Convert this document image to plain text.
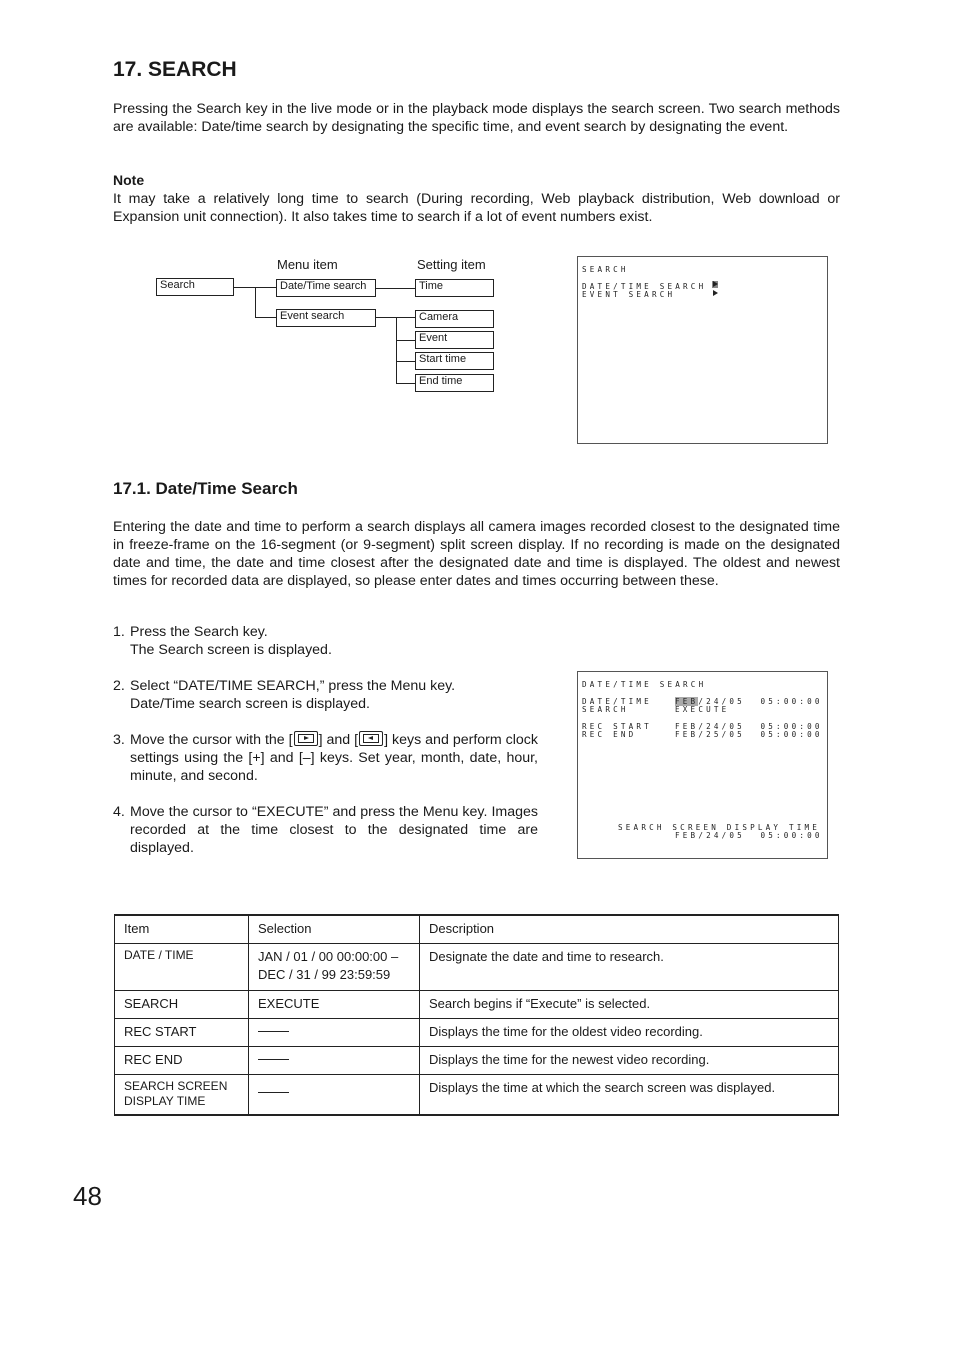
17. SEARCH

Pressing the Search key in the live mode or in the playback mode displays the search screen. Two search methods are available: Date/time search by designating the specific time, and event search by designating the event.

Note

It may take a relatively long time to search (During recording, Web playback distribution, Web download or Expansion unit connection). It also takes time to search if a lot of event numbers exist.

Menu item	Setting item
Search	Date/Time search
Event search
Time
Camera
Event
Start time
End time
SEARCH
DATE/TIME SEARCH
EVENT SEARCH
17.1. Date/Time Search

Entering the date and time to perform a search displays all camera images recorded closest to the designated time in freeze-frame on the 16-segment (or 9-segment) split screen display. If no recording is made on the designated date and time, the date and time closest after the designated date and time is displayed. The oldest and newest times for recorded data are displayed, so please enter dates and times occurring between these.

1. Press the Search key.
The Search screen is displayed.
2. Select “DATE/TIME SEARCH,” press the Menu key.
Date/Time search screen is displayed.
3. Move the cursor with the [ ] and [ ] keys and perform clock settings using the [+] and [–] keys. Set year, month, date, hour, minute, and second.
4. Move the cursor to “EXECUTE” and press the Menu key. Images recorded at the time closest to the designated time are displayed.
DATE/TIME SEARCH
DATE/TIME	FEB/24/05  05:00:00
SEARCH	EXECUTE
REC START	FEB/24/05  05:00:00
REC END	FEB/25/05  05:00:00
SEARCH SCREEN DISPLAY TIME
FEB/24/05  05:00:00
Item	Selection	Description
DATE / TIME	JAN / 01 / 00 00:00:00 –
DEC / 31 / 99 23:59:59	Designate the date and time to research.
SEARCH	EXECUTE	Search begins if “Execute” is selected.
REC START		Displays the time for the oldest video recording.
REC END		Displays the time for the newest video recording.

SEARCH SCREEN
DISPLAY TIME		Displays the time at which the search screen was displayed.
48
